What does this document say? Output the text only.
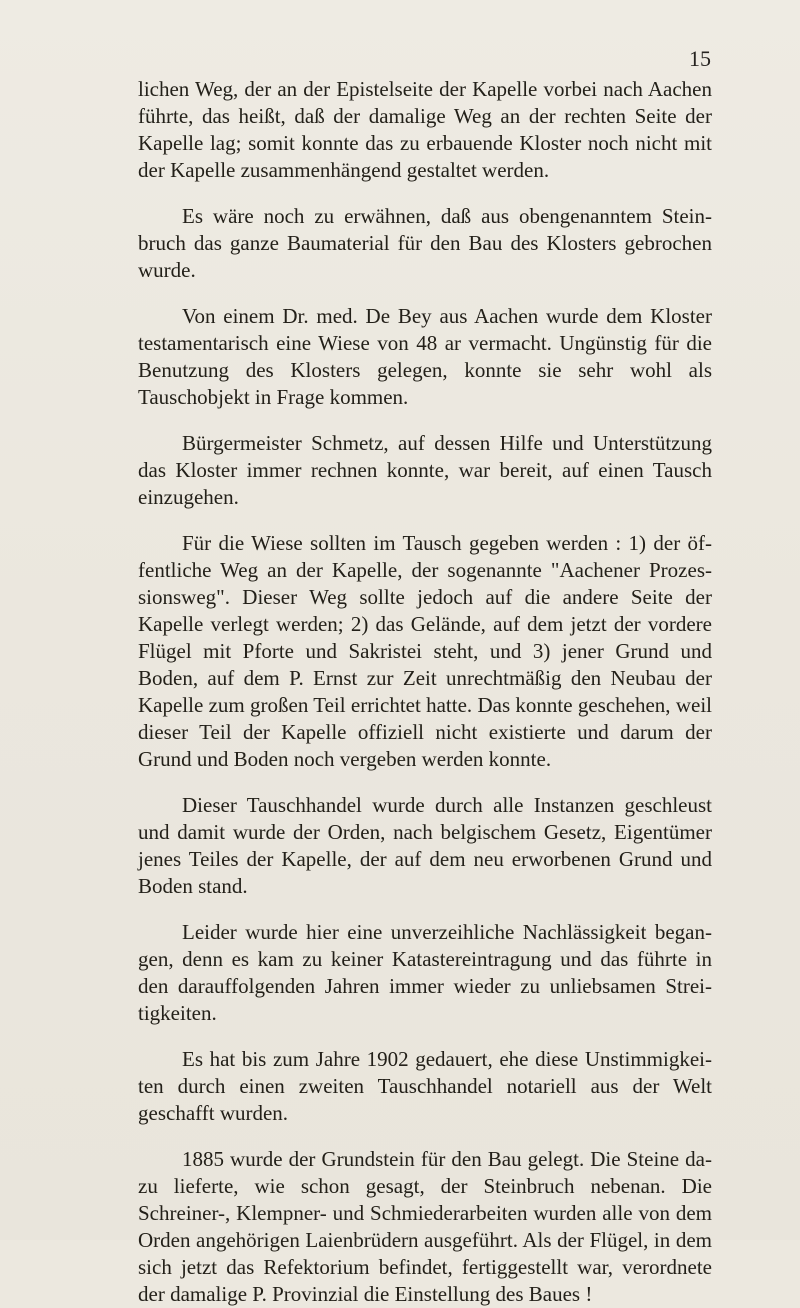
15

lichen Weg, der an der Epistelseite der Kapelle vorbei nach Aachen führte, das heißt, daß der damalige Weg an der rechten Seite der Kapelle lag; somit konnte das zu erbauende Kloster noch nicht mit der Kapelle zusammenhängend gestaltet werden.

Es wäre noch zu erwähnen, daß aus obengenanntem Steinbruch das ganze Baumaterial für den Bau des Klosters gebrochen wurde.

Von einem Dr. med. De Bey aus Aachen wurde dem Kloster testamentarisch eine Wiese von 48 ar vermacht. Ungünstig für die Benutzung des Klosters gelegen, konnte sie sehr wohl als Tauschobjekt in Frage kommen.

Bürgermeister Schmetz, auf dessen Hilfe und Unterstützung das Kloster immer rechnen konnte, war bereit, auf einen Tausch einzugehen.

Für die Wiese sollten im Tausch gegeben werden : 1) der öffentliche Weg an der Kapelle, der sogenannte "Aachener Prozessionsweg". Dieser Weg sollte jedoch auf die andere Seite der Kapelle verlegt werden; 2) das Gelände, auf dem jetzt der vordere Flügel mit Pforte und Sakristei steht, und 3) jener Grund und Boden, auf dem P. Ernst zur Zeit unrechtmäßig den Neubau der Kapelle zum großen Teil errichtet hatte. Das konnte geschehen, weil dieser Teil der Kapelle offiziell nicht existierte und darum der Grund und Boden noch vergeben werden konnte.

Dieser Tauschhandel wurde durch alle Instanzen geschleust und damit wurde der Orden, nach belgischem Gesetz, Eigentümer jenes Teiles der Kapelle, der auf dem neu erworbenen Grund und Boden stand.

Leider wurde hier eine unverzeihliche Nachlässigkeit begangen, denn es kam zu keiner Katastereintragung und das führte in den darauffolgenden Jahren immer wieder zu unliebsamen Streitigkeiten.

Es hat bis zum Jahre 1902 gedauert, ehe diese Unstimmigkeiten durch einen zweiten Tauschhandel notariell aus der Welt geschafft wurden.

1885 wurde der Grundstein für den Bau gelegt. Die Steine dazu lieferte, wie schon gesagt, der Steinbruch nebenan. Die Schreiner-, Klempner- und Schmiederarbeiten wurden alle von dem Orden angehörigen Laienbrüdern ausgeführt. Als der Flügel, in dem sich jetzt das Refektorium befindet, fertiggestellt war, verordnete der damalige P. Provinzial die Einstellung des Baues !
